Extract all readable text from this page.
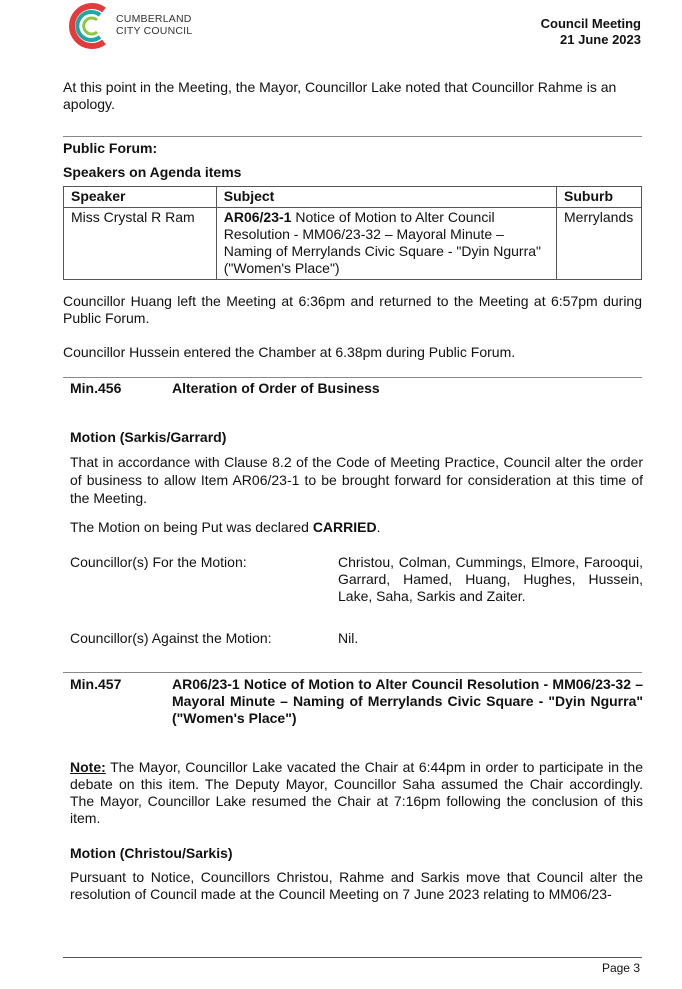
CUMBERLAND
CITY COUNCIL	Council Meeting
21 June 2023

At this point in the Meeting, the Mayor, Councillor Lake noted that Councillor Rahme is an apology.

Public Forum:
Speakers on Agenda items
Speaker	Subject	Suburb
Miss Crystal R Ram	AR06/23-1 Notice of Motion to Alter Council Resolution - MM06/23-32 – Mayoral Minute – Naming of Merrylands Civic Square - "Dyin Ngurra" ("Women's Place")	Merrylands

Councillor Huang left the Meeting at 6:36pm and returned to the Meeting at 6:57pm during Public Forum.

Councillor Hussein entered the Chamber at 6.38pm during Public Forum.

Min.456	Alteration of Order of Business
Motion (Sarkis/Garrard)

That in accordance with Clause 8.2 of the Code of Meeting Practice, Council alter the order of business to allow Item AR06/23-1 to be brought forward for consideration at this time of the Meeting.

The Motion on being Put was declared CARRIED.

Councillor(s) For the Motion:	Christou, Colman, Cummings, Elmore, Farooqui, Garrard, Hamed, Huang, Hughes, Hussein, Lake, Saha, Sarkis and Zaiter.

Councillor(s) Against the Motion:	Nil.
Min.457	AR06/23-1 Notice of Motion to Alter Council Resolution - MM06/23-32 – Mayoral Minute – Naming of Merrylands Civic Square - "Dyin Ngurra" ("Women's Place")

Note: The Mayor, Councillor Lake vacated the Chair at 6:44pm in order to participate in the debate on this item. The Deputy Mayor, Councillor Saha assumed the Chair accordingly. The Mayor, Councillor Lake resumed the Chair at 7:16pm following the conclusion of this item.

Motion (Christou/Sarkis)

Pursuant to Notice, Councillors Christou, Rahme and Sarkis move that Council alter the resolution of Council made at the Council Meeting on 7 June 2023 relating to MM06/23-

Page 3
